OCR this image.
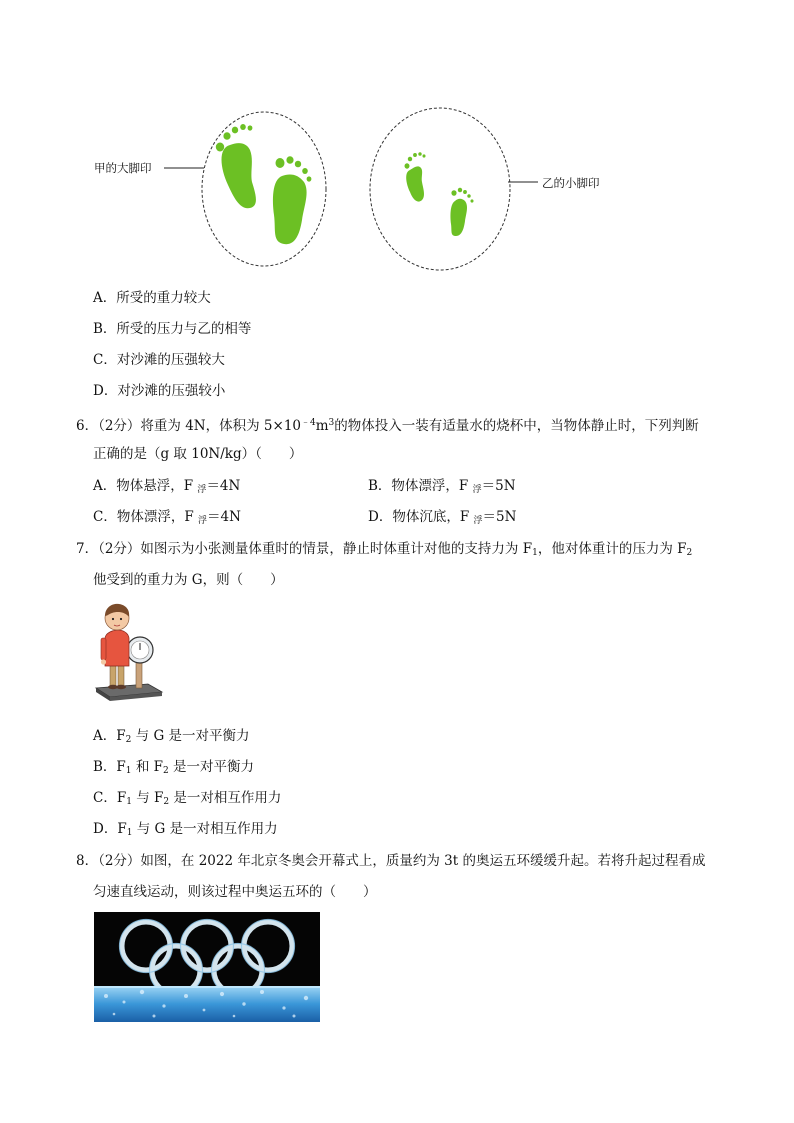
甲的大脚印
乙的小脚印
A．所受的重力较大
B．所受的压力与乙的相等
C．对沙滩的压强较大
D．对沙滩的压强较小
6．（2分）将重为 4N，体积为 $5\times 10^{﹣4}m^3$的物体投入一装有适量水的烧杯中，当物体静止时，下列判断
正确的是（g 取 10N/kg）（　　）
A．物体悬浮，F $_浮$＝4N	B．物体漂浮，F $_浮$＝5N
C．物体漂浮，F $_浮$＝4N	D．物体沉底，F $_浮$＝5N
7．（2分）如图示为小张测量体重时的情景，静止时体重计对他的支持力为 $F_1$，他对体重计的压力为 $F_2$
他受到的重力为 G，则（　　）
A．$F_2$ 与 G 是一对平衡力
B．$F_1$ 和 $F_2$ 是一对平衡力
C．$F_1$ 与 $F_2$ 是一对相互作用力
D．$F_1$ 与 G 是一对相互作用力
8．（2分）如图，在 2022 年北京冬奥会开幕式上，质量约为 3t 的奥运五环缓缓升起。若将升起过程看成
匀速直线运动，则该过程中奥运五环的（　　）
